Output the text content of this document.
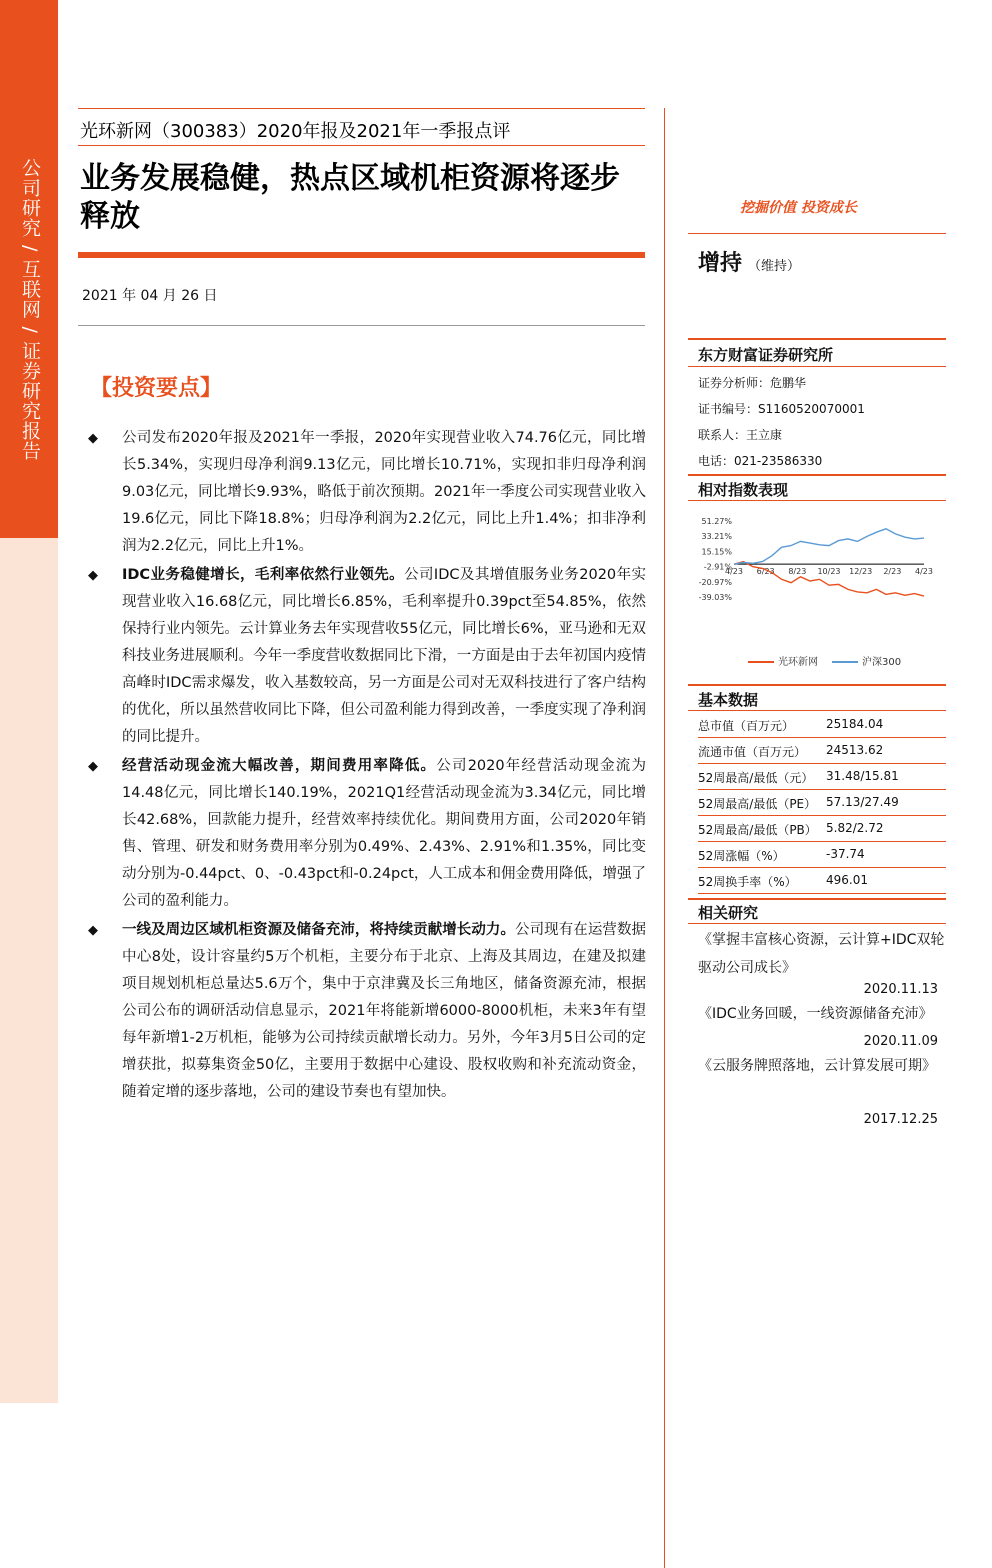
公司研究 / 互联网 / 证券研究报告
光环新网（300383）2020年报及2021年一季报点评
业务发展稳健，热点区域机柜资源将逐步释放
2021 年 04 月 26 日
【投资要点】
◆ 公司发布2020年报及2021年一季报，2020年实现营业收入74.76亿元，同比增长5.34%，实现归母净利润9.13亿元，同比增长10.71%，实现扣非归母净利润9.03亿元，同比增长9.93%，略低于前次预期。2021年一季度公司实现营业收入19.6亿元，同比下降18.8%；归母净利润为2.2亿元，同比上升1.4%；扣非净利润为2.2亿元，同比上升1%。
◆ IDC业务稳健增长，毛利率依然行业领先。公司IDC及其增值服务业务2020年实现营业收入16.68亿元，同比增长6.85%，毛利率提升0.39pct至54.85%，依然保持行业内领先。云计算业务去年实现营收55亿元，同比增长6%，亚马逊和无双科技业务进展顺利。今年一季度营收数据同比下滑，一方面是由于去年初国内疫情高峰时IDC需求爆发，收入基数较高，另一方面是公司对无双科技进行了客户结构的优化，所以虽然营收同比下降，但公司盈利能力得到改善，一季度实现了净利润的同比提升。
◆ 经营活动现金流大幅改善，期间费用率降低。公司2020年经营活动现金流为14.48亿元，同比增长140.19%，2021Q1经营活动现金流为3.34亿元，同比增长42.68%，回款能力提升，经营效率持续优化。期间费用方面，公司2020年销售、管理、研发和财务费用率分别为0.49%、2.43%、2.91%和1.35%，同比变动分别为-0.44pct、0、-0.43pct和-0.24pct，人工成本和佣金费用降低，增强了公司的盈利能力。
◆ 一线及周边区域机柜资源及储备充沛，将持续贡献增长动力。公司现有在运营数据中心8处，设计容量约5万个机柜，主要分布于北京、上海及其周边，在建及拟建项目规划机柜总量达5.6万个，集中于京津冀及长三角地区，储备资源充沛，根据公司公布的调研活动信息显示，2021年将能新增6000-8000机柜，未来3年有望每年新增1-2万机柜，能够为公司持续贡献增长动力。另外，今年3月5日公司的定增获批，拟募集资金50亿，主要用于数据中心建设、股权收购和补充流动资金，随着定增的逐步落地，公司的建设节奏也有望加快。
挖掘价值 投资成长
增持 （维持）
东方财富证券研究所
证券分析师：危鹏华
证书编号：S1160520070001
联系人：王立康
电话：021-23586330
相对指数表现
51.27%
33.21%
15.15%
-2.91%
-20.97%
-39.03%
4/23 6/23 8/23 10/23 12/23 2/23 4/23
光环新网	沪深300
基本数据
总市值（百万元）	25184.04
流通市值（百万元） 24513.62
52周最高/最低（元） 31.48/15.81
52周最高/最低（PE） 57.13/27.49
52周最高/最低（PB） 5.82/2.72
52周涨幅（%）	-37.74
52周换手率（%） 496.01
相关研究
《掌握丰富核心资源，云计算+IDC双轮驱动公司成长》
2020.11.13
《IDC业务回暖，一线资源储备充沛》
2020.11.09
《云服务牌照落地，云计算发展可期》
2017.12.25
